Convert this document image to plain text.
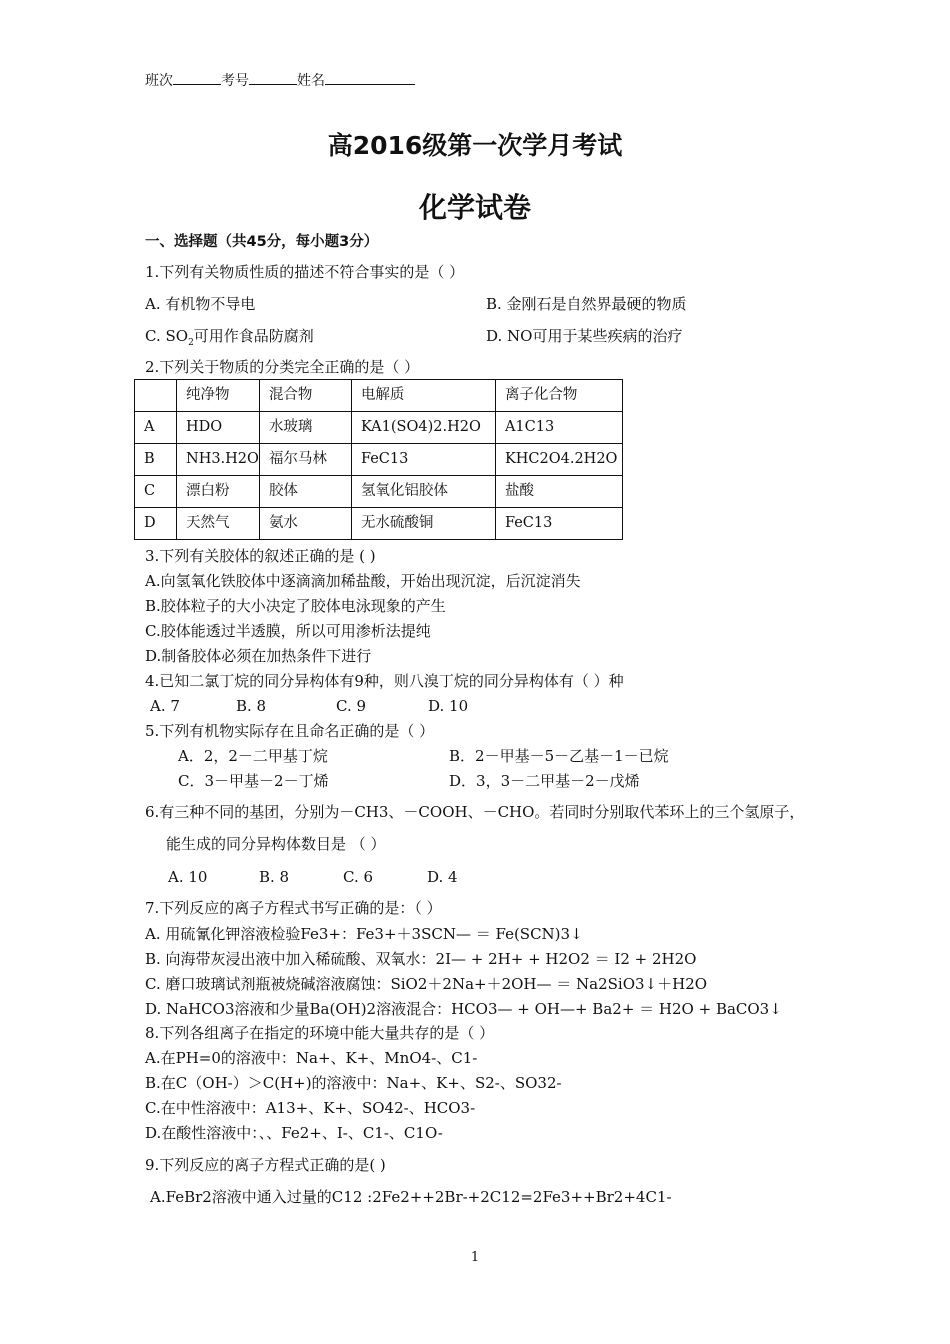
班次	考号	姓名
高2016级第一次学月考试
化学试卷
一、选择题（共45分，每小题3分）
1.下列有关物质性质的描述不符合事实的是（ ）
A. 有机物不导电	B. 金刚石是自然界最硬的物质
C. $SO_2$可用作食品防腐剂	D. NO可用于某些疾病的治疗
2.下列关于物质的分类完全正确的是（ ）
	纯净物	混合物	电解质	离子化合物
A	HDO	水玻璃	KA1(SO4)2.H2O	A1C13
B	NH3.H2O	福尔马林	FeC13	KHC2O4.2H2O
C	漂白粉	胶体	氢氧化铝胶体	盐酸
D	天然气	氨水	无水硫酸铜	FeC13
3.下列有关胶体的叙述正确的是 ( )
A.向氢氧化铁胶体中逐滴滴加稀盐酸，开始出现沉淀，后沉淀消失
B.胶体粒子的大小决定了胶体电泳现象的产生
C.胶体能透过半透膜，所以可用渗析法提纯
D.制备胶体必须在加热条件下进行
4.已知二氯丁烷的同分异构体有9种，则八溴丁烷的同分异构体有（ ）种
A. 7	B. 8	C. 9	D. 10
5.下列有机物实际存在且命名正确的是（ ）
A．2，2－二甲基丁烷	B．2－甲基－5－乙基－1－已烷
C．3－甲基－2－丁烯	D．3，3－二甲基－2－戊烯
6.有三种不同的基团，分别为－CH3、－COOH、－CHO。若同时分别取代苯环上的三个氢原子，
能生成的同分异构体数目是 （ ）
A. 10	B. 8	C. 6	D. 4
7.下列反应的离子方程式书写正确的是：（ ）
A. 用硫氰化钾溶液检验Fe3+：Fe3+＋3SCN— ＝ Fe(SCN)3↓
B. 向海带灰浸出液中加入稀硫酸、双氧水：2I— + 2H+ + H2O2 ＝ I2 + 2H2O
C. 磨口玻璃试剂瓶被烧碱溶液腐蚀：SiO2＋2Na+＋2OH— ＝ Na2SiO3↓＋H2O
D. NaHCO3溶液和少量Ba(OH)2溶液混合：HCO3— + OH—+ Ba2+ ＝ H2O + BaCO3↓
8.下列各组离子在指定的环境中能大量共存的是（ ）
A.在PH=0的溶液中：Na+、K+、MnO4-、C1-
B.在C（OH-）＞C(H+)的溶液中：Na+、K+、S2-、SO32-
C.在中性溶液中：A13+、K+、SO42-、HCO3-
D.在酸性溶液中：、、Fe2+、I-、C1-、C1O-
9.下列反应的离子方程式正确的是( )
A.FeBr2溶液中通入过量的C12 :2Fe2++2Br-+2C12=2Fe3++Br2+4C1-
1
